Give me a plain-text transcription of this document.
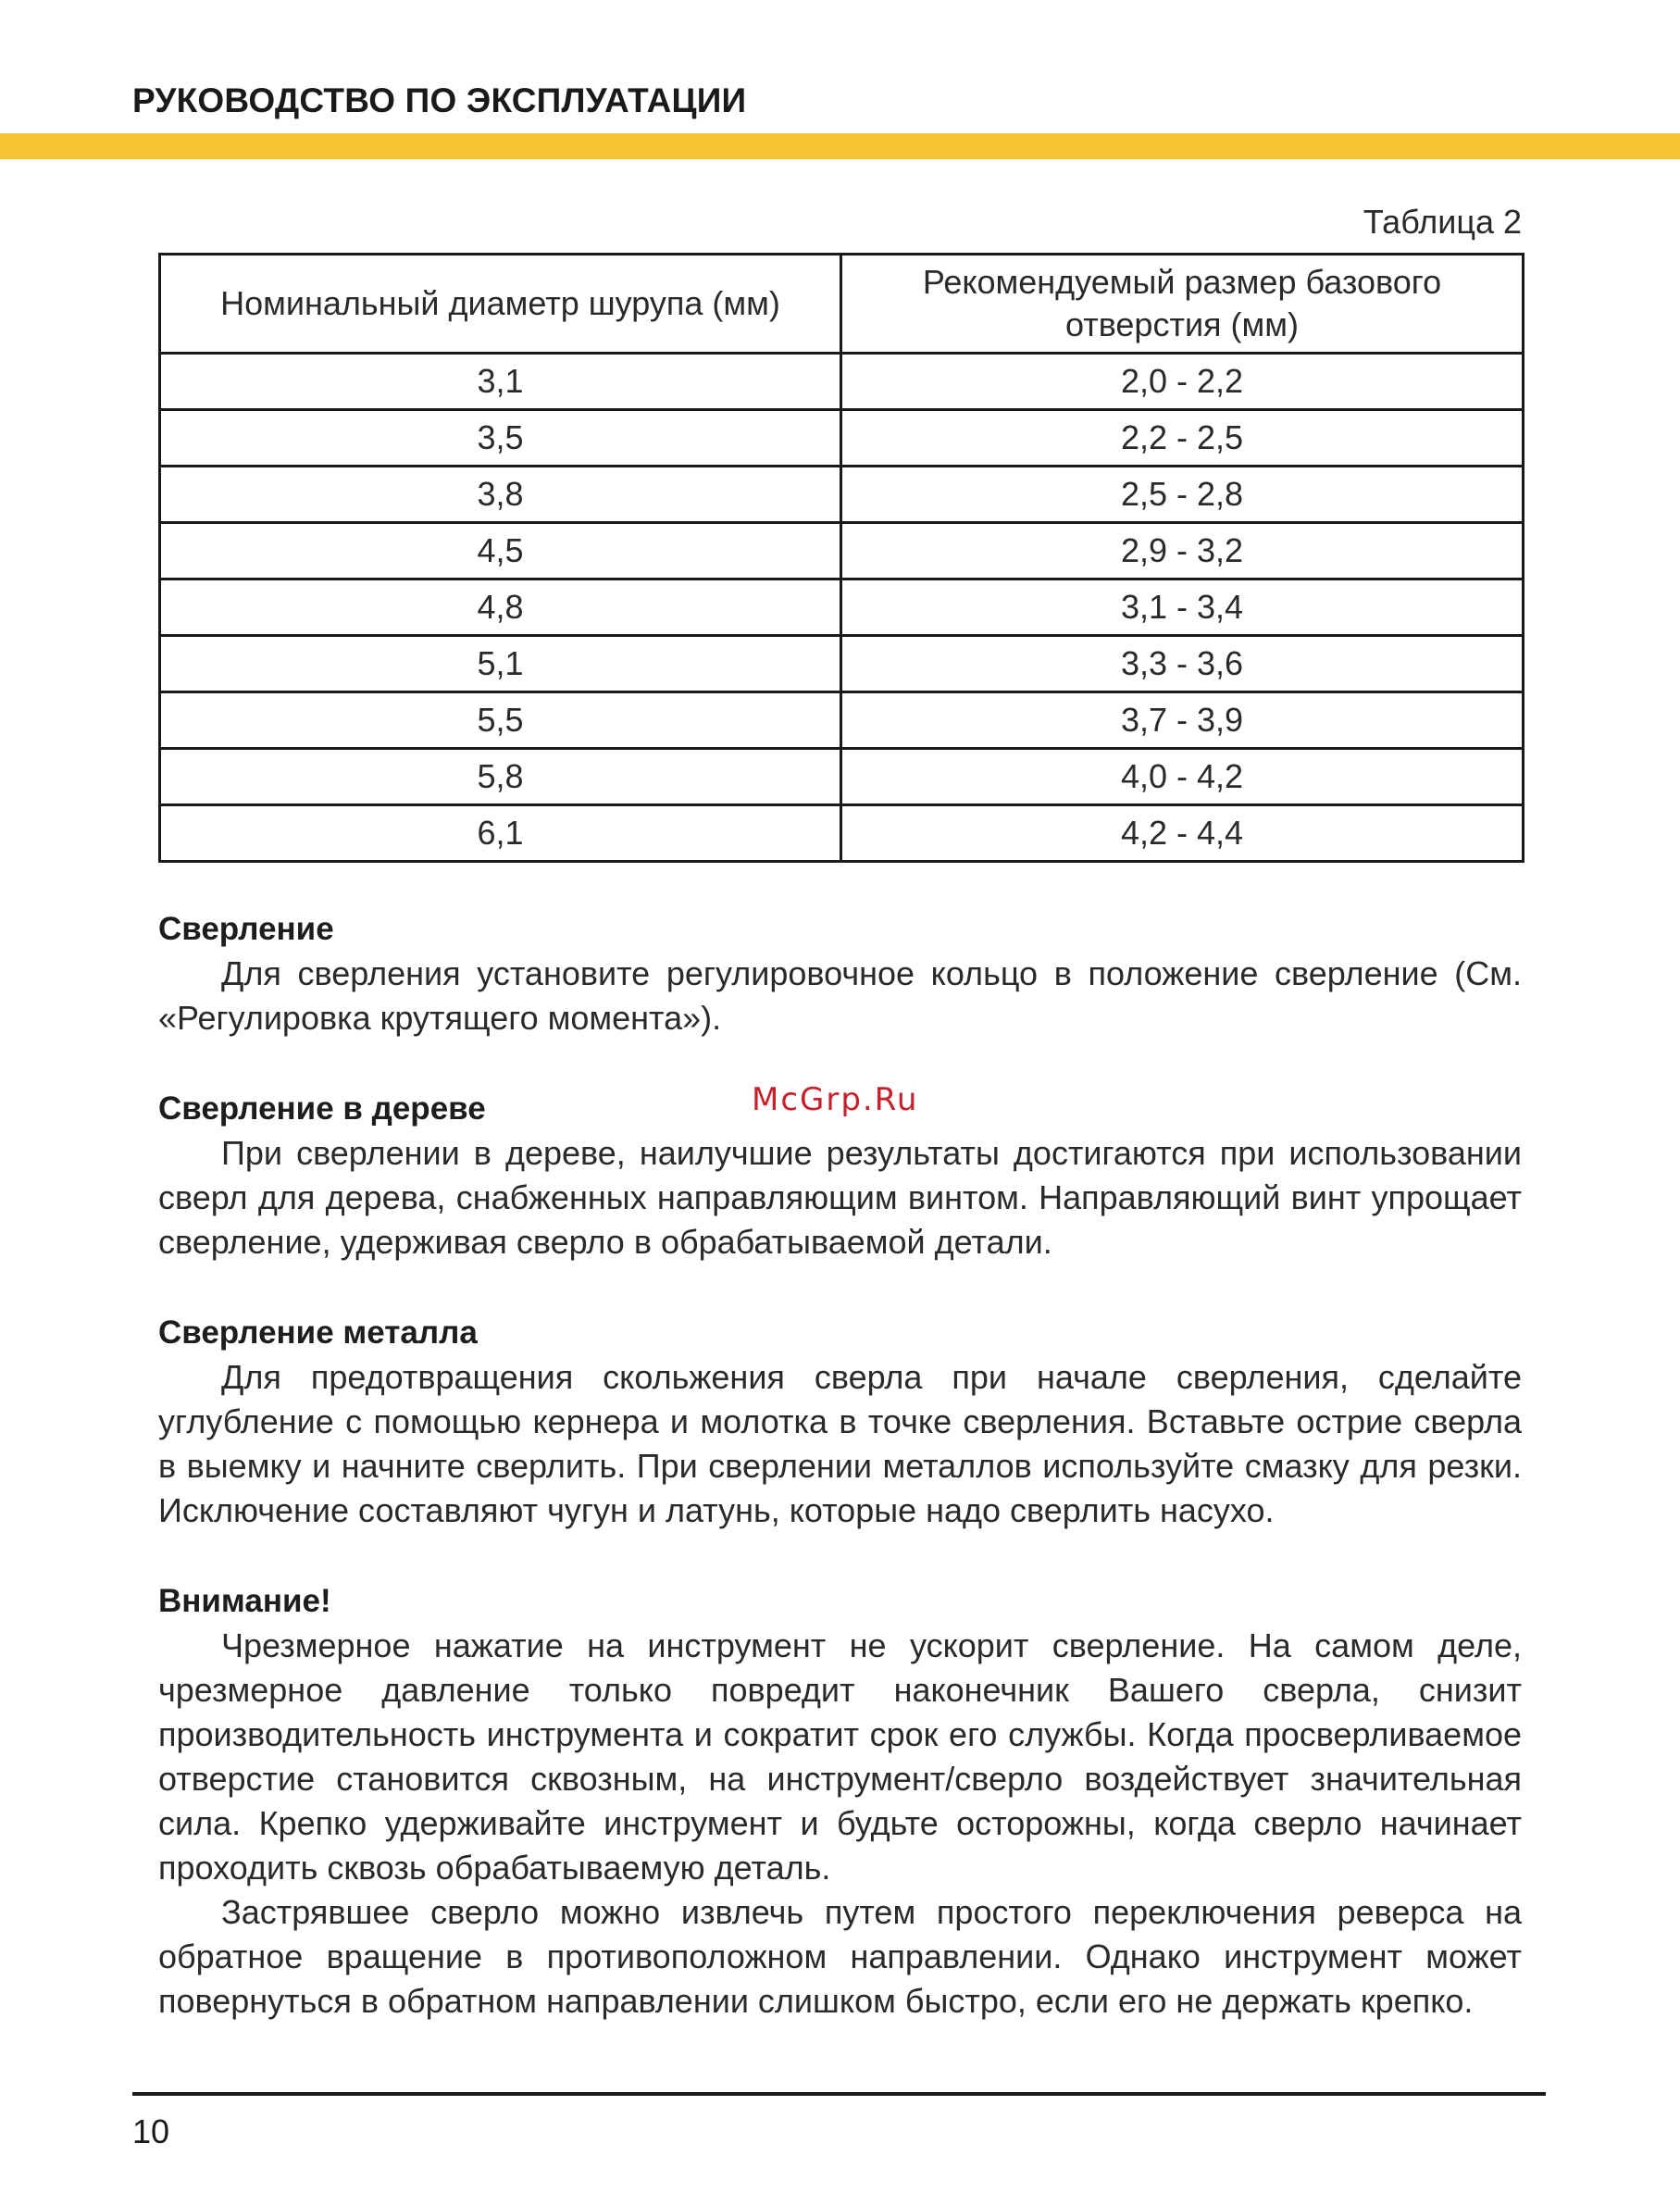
РУКОВОДСТВО ПО ЭКСПЛУАТАЦИИ
Таблица 2
Номинальный диаметр шурупа (мм)	Рекомендуемый размер базового отверстия (мм)
3,1	2,0 - 2,2
3,5	2,2 - 2,5
3,8	2,5 - 2,8
4,5	2,9 - 3,2
4,8	3,1 - 3,4
5,1	3,3 - 3,6
5,5	3,7 - 3,9
5,8	4,0 - 4,2
6,1	4,2 - 4,4

Сверление

Для сверления установите регулировочное кольцо в положение сверление (См. «Регулировка крутящего момента»).

Сверление в дереве

При сверлении в дереве, наилучшие результаты достигаются при использовании сверл для дерева, снабженных направляющим винтом. Направляющий винт упрощает сверление, удерживая сверло в обрабатываемой детали.

Сверление металла

Для предотвращения скольжения сверла при начале сверления, сделайте углубление с помощью кернера и молотка в точке сверления. Вставьте острие сверла в выемку и начните сверлить. При сверлении металлов используйте смазку для резки. Исключение составляют чугун и латунь, которые надо сверлить насухо.

Внимание!

Чрезмерное нажатие на инструмент не ускорит сверление. На самом деле, чрезмерное давление только повредит наконечник Вашего сверла, снизит производительность инструмента и сократит срок его службы. Когда просверливаемое отверстие становится сквозным, на инструмент/сверло воздействует значительная сила. Крепко удерживайте инструмент и будьте осторожны, когда сверло начинает проходить сквозь обрабатываемую деталь.

Застрявшее сверло можно извлечь путем простого переключения реверса на обратное вращение в противоположном направлении. Однако инструмент может повернуться в обратном направлении слишком быстро, если его не держать крепко.

McGrp.Ru
10
